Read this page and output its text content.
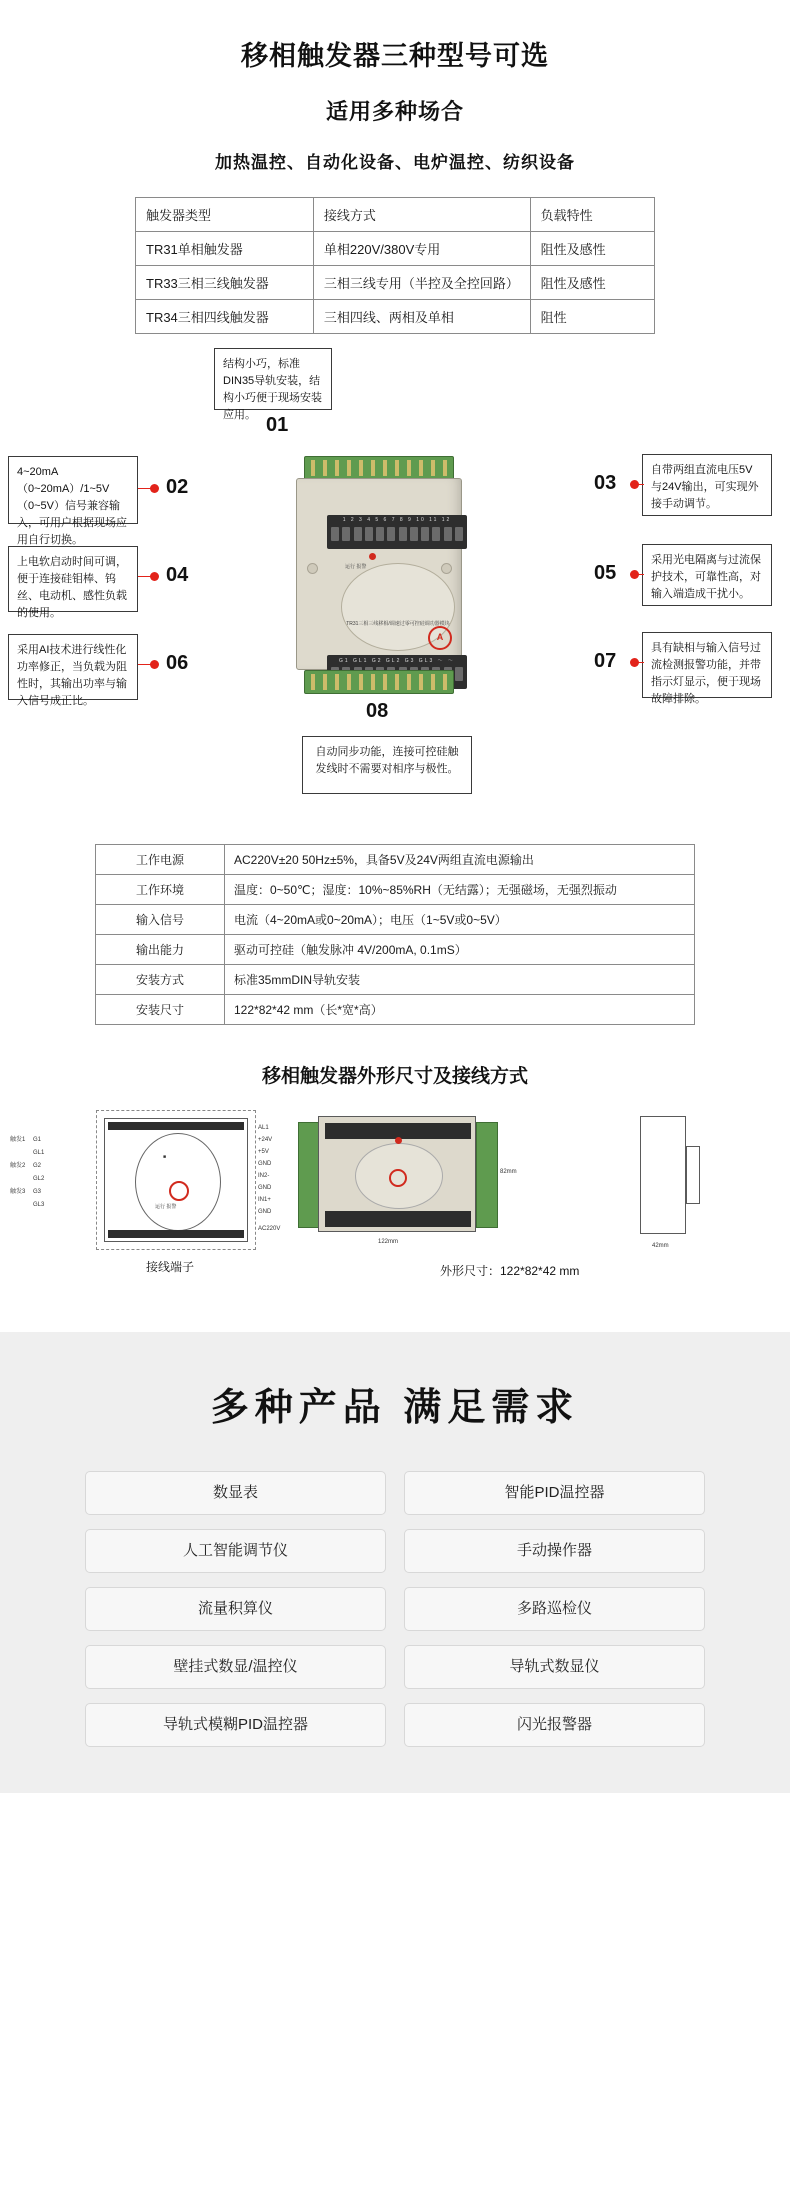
移相触发器三种型号可选
适用多种场合
加热温控、自动化设备、电炉温控、纺织设备
触发器类型	接线方式	负载特性
TR31单相触发器	单相220V/380V专用	阻性及感性
TR33三相三线触发器	三相三线专用（半控及全控回路）	阻性及感性
TR34三相四线触发器	三相四线、两相及单相	阻性
1 2 3 4 5 6 7 8 9 10 11 12
A
TR31三相三线移相/调速过零可控硅调功器模块
运行 报警
G1 GL1 G2 GL2 G3 GL3 ～ ～
结构小巧，标准DIN35导轨安装，结构小巧便于现场安装应用。 01
4~20mA（0~20mA）/1~5V（0~5V）信号兼容输入，可用户根据现场应用自行切换。
02
自带两组直流电压5V与24V输出，可实现外接手动调节。
03
上电软启动时间可调，便于连接硅钼棒、钨丝、电动机、感性负载的使用。
04
采用光电隔离与过流保护技术，可靠性高，对输入端造成干扰小。
05
采用AI技术进行线性化功率修正，当负载为阻性时，其输出功率与输入信号成正比。
06
具有缺相与输入信号过流检测报警功能，并带指示灯显示，便于现场故障排除。
07
08
自动同步功能，连接可控硅触发线时不需要对相序与极性。
工作电源	AC220V±20 50Hz±5%，具备5V及24V两组直流电源输出
工作环境	温度：0~50℃；湿度：10%~85%RH（无结露）；无强磁场，无强烈振动
输入信号	电流（4~20mA或0~20mA）；电压（1~5V或0~5V）
输出能力	驱动可控硅（触发脉冲 4V/200mA, 0.1mS）
安装方式	标准35mmDIN导轨安装
安装尺寸	122*82*42 mm（长*宽*高）
移相触发器外形尺寸及接线方式
■
运行 报警
触发1 G1
GL1
触发2 G2
GL2
触发3 G3
GL3
AL1
+24V
+5V
GND
IN2-
GND
IN1+
GND
AC220V
接线端子
122mm
82mm
42mm
外形尺寸：122*82*42 mm
多种产品 满足需求
数显表	智能PID温控器
人工智能调节仪	手动操作器
流量积算仪	多路巡检仪
壁挂式数显/温控仪	导轨式数显仪
导轨式模糊PID温控器	闪光报警器
